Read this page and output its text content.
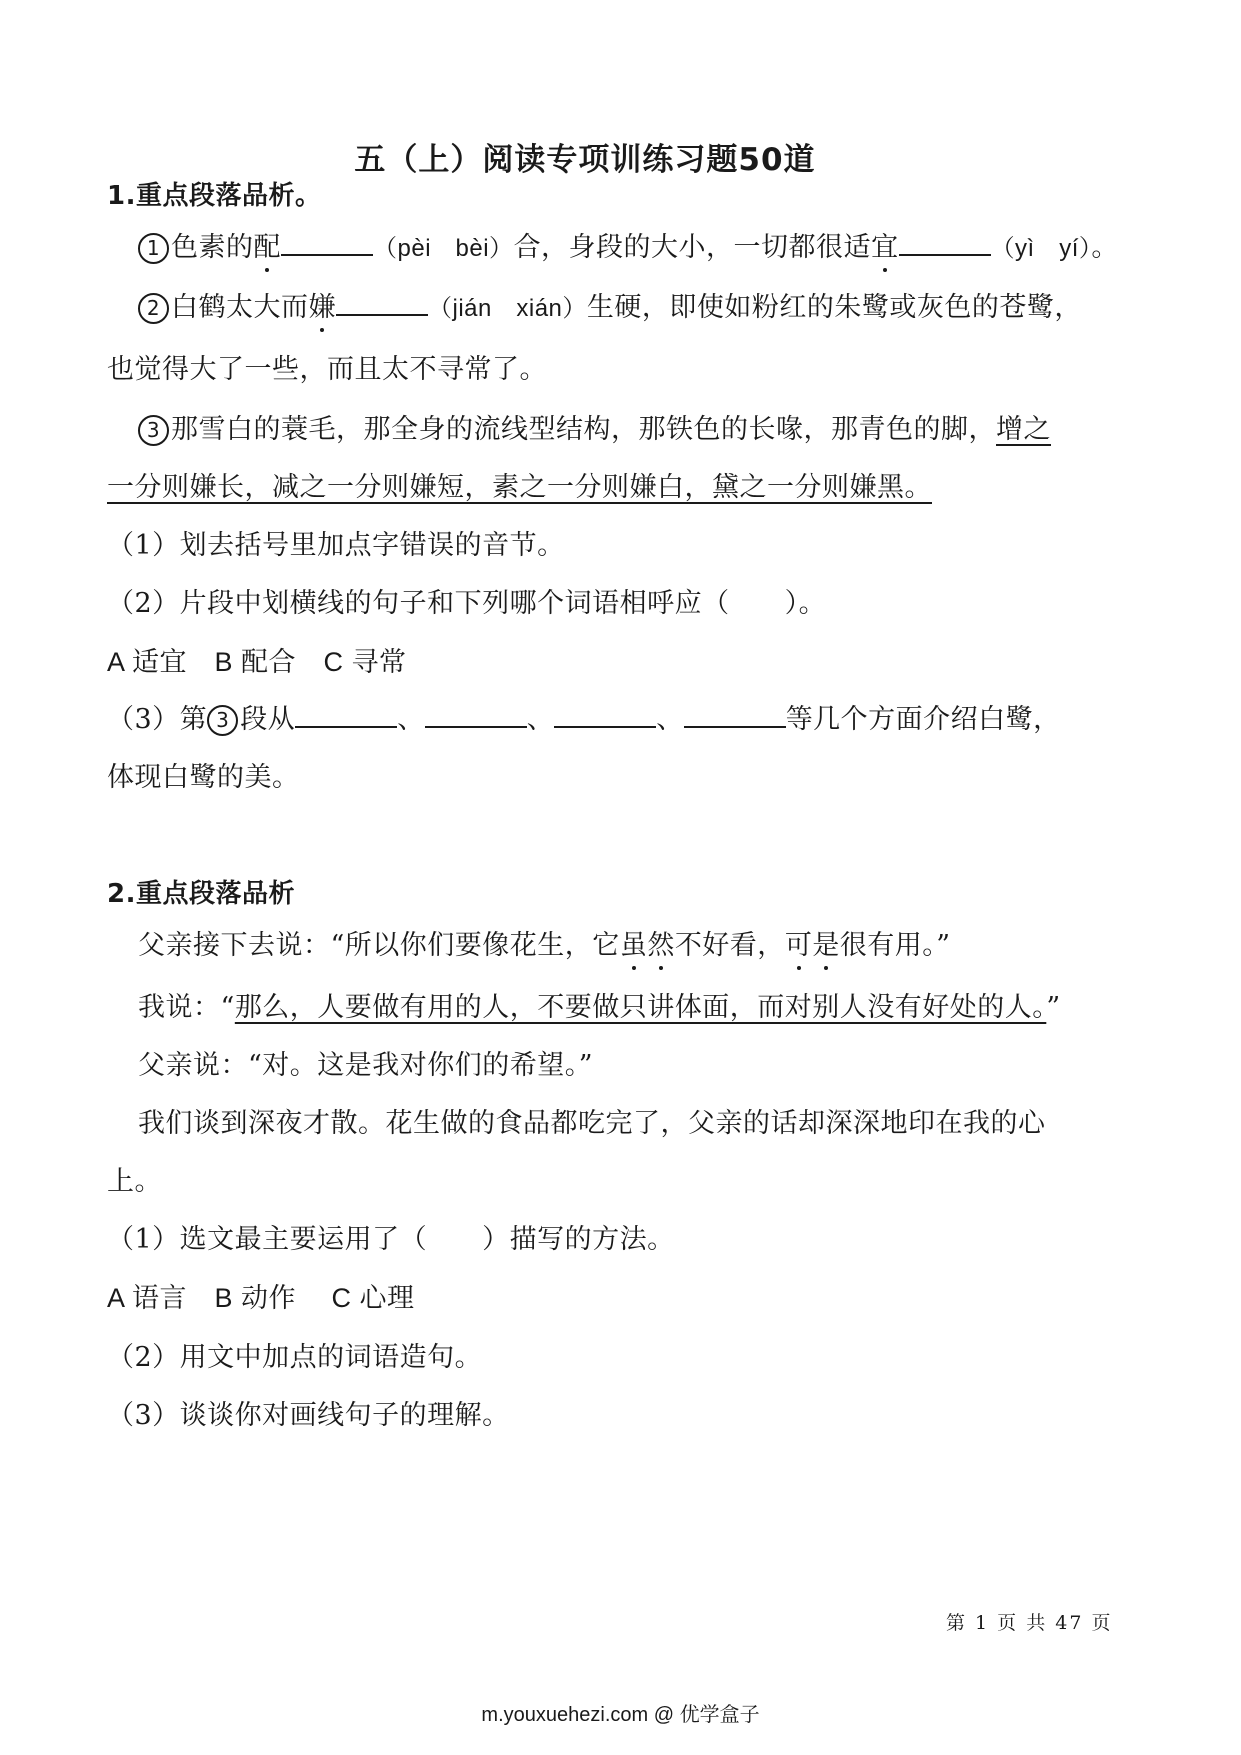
五（上）阅读专项训练习题50道
1.重点段落品析。
1 色素的配	（pèi　bèi）合，身段的大小，一切都很适宜	（yì　yí）。
2 白鹤太大而嫌	（jián　xián）生硬，即使如粉红的朱鹭或灰色的苍鹭，
也觉得大了一些，而且太不寻常了。
3 那雪白的蓑毛，那全身的流线型结构，那铁色的长喙，那青色的脚，增之
一分则嫌长，减之一分则嫌短，素之一分则嫌白，黛之一分则嫌黑。
（1）划去括号里加点字错误的音节。
（2）片段中划横线的句子和下列哪个词语相呼应（　　）。
A 适宜　B 配合　C 寻常
（3）第 3 段从	、	、	、	等几个方面介绍白鹭，
体现白鹭的美。
2.重点段落品析
父亲接下去说：“所以你们要像花生，它虽然不好看，可是很有用。”
我说：“那么，人要做有用的人，不要做只讲体面，而对别人没有好处的人。”
父亲说：“对。这是我对你们的希望。”
我们谈到深夜才散。花生做的食品都吃完了，父亲的话却深深地印在我的心
上。
（1）选文最主要运用了（　　）描写的方法。
A 语言　B 动作　 C 心理
（2）用文中加点的词语造句。
（3）谈谈你对画线句子的理解。
第 1 页 共 47 页
m.youxuehezi.com @ 优学盒子
